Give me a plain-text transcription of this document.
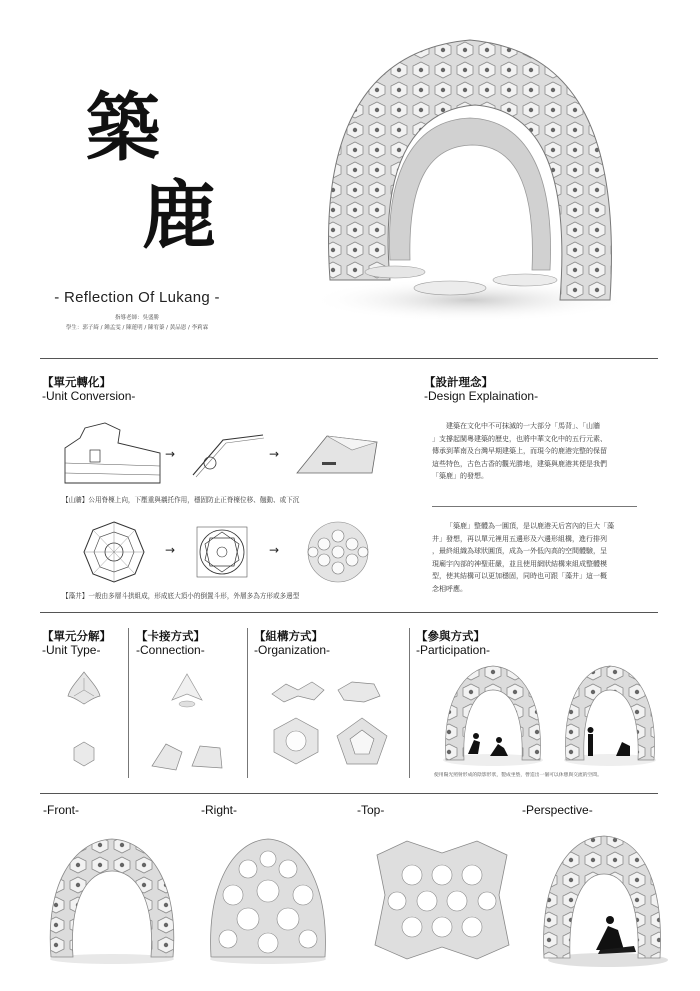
築
鹿
- Reflection Of Lukang -
指導老師：吳盛勝
學生：郭子綺 / 鍾孟雯 / 陳蓮明 / 陳宥蓁 / 黃品恩 / 李莉霖
【單元轉化】
-Unit Conversion-
→	→
【山牆】公用脊檁上向，下壓重與襯托作用，穩固防止正脊檁位移、翹動、或下沉
→	→
【藻井】一般由多層斗拱組成，形成底大頂小的倒置斗形，外層多為方形或多邊型
【設計理念】
-Design Explaination-
建築在文化中不可抹滅的一大部分「馬背」、「山牆
」支撐起閩粵建築的歷史，也將中華文化中的五行元素、
傳承到華南及台灣早期建築上，而現今的鹿港完整的保留
這些特色，古色古香的觀光勝地，建築與鹿港其便是我們
「築鹿」的發想。
「築鹿」整體為一圓頂，是以鹿港天后宮內的巨大「藻
井」發想，再以單元裡用五邊形及六邊形組構，進行排列
，最終組織為球狀圓頂，成為一外低內高的空間體驗，呈
現廟宇內部的神聖莊嚴，並且使用網狀結構來組成整體模
型，使其結構可以更加穩固，同時也可跟「藻井」這一概
念相呼應。
【單元分解】
-Unit Type-
【卡接方式】
-Connection-
【組構方式】
-Organization-
【參與方式】
-Participation-
使用陽光照射形成的陰影形狀，製成坐墊，營造出一個可以休憩與交流的空間。
-Front-	-Right-	-Top-	-Perspective-
